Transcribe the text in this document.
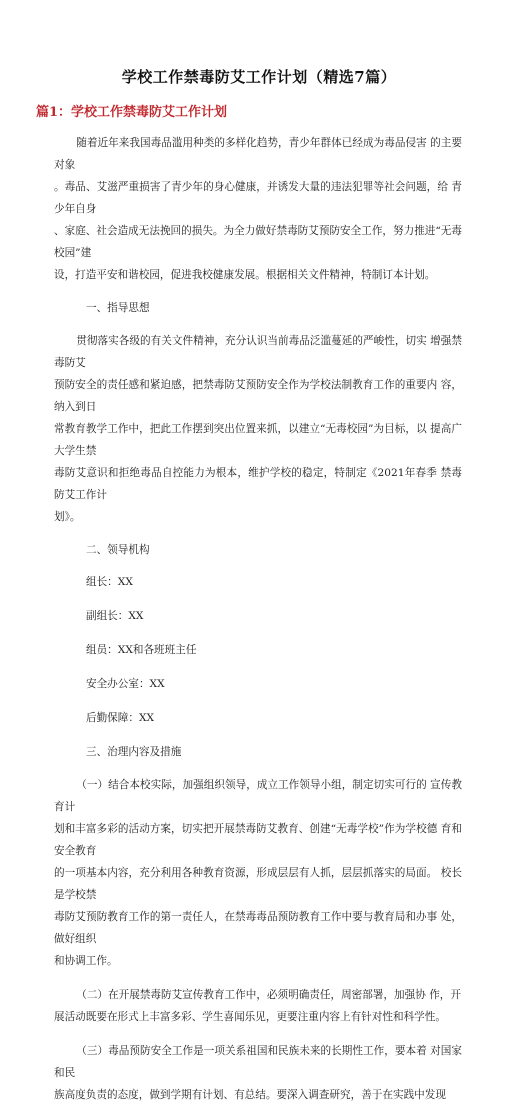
学校工作禁毒防艾工作计划（精选7篇）
篇1：学校工作禁毒防艾工作计划
随着近年来我国毒品滥用种类的多样化趋势，青少年群体已经成为毒品侵害 的主要对象
。毒品、艾滋严重损害了青少年的身心健康，并诱发大量的违法犯罪等社会问题，给 青少年自身
、家庭、社会造成无法挽回的损失。为全力做好禁毒防艾预防安全工作，努力推进“无毒校园”建
设，打造平安和谐校园，促进我校健康发展。根据相关文件精神，特制订本计划。
一、指导思想
贯彻落实各级的有关文件精神，充分认识当前毒品泛滥蔓延的严峻性，切实 增强禁毒防艾
预防安全的责任感和紧迫感，把禁毒防艾预防安全作为学校法制教育工作的重要内 容，纳入到日
常教育教学工作中，把此工作摆到突出位置来抓，以建立“无毒校园”为目标，以 提高广大学生禁
毒防艾意识和拒绝毒品自控能力为根本，维护学校的稳定，特制定《2021年春季 禁毒防艾工作计
划》。
二、领导机构
组长：XX
副组长：XX
组员：XX和各班班主任
安全办公室：XX
后勤保障：XX
三、治理内容及措施
（一）结合本校实际，加强组织领导，成立工作领导小组，制定切实可行的 宣传教育计
划和丰富多彩的活动方案，切实把开展禁毒防艾教育、创建“无毒学校”作为学校德 育和安全教育
的一项基本内容，充分利用各种教育资源，形成层层有人抓，层层抓落实的局面。 校长是学校禁
毒防艾预防教育工作的第一责任人，在禁毒毒品预防教育工作中要与教育局和办事 处，做好组织
和协调工作。
（二）在开展禁毒防艾宣传教育工作中，必须明确责任，周密部署，加强协 作，开
展活动既要在形式上丰富多彩、学生喜闻乐见，更要注重内容上有针对性和科学性。
（三）毒品预防安全工作是一项关系祖国和民族未来的长期性工作，要本着 对国家和民
族高度负责的态度，做到学期有计划、有总结。要深入调查研究，善于在实践中发现
